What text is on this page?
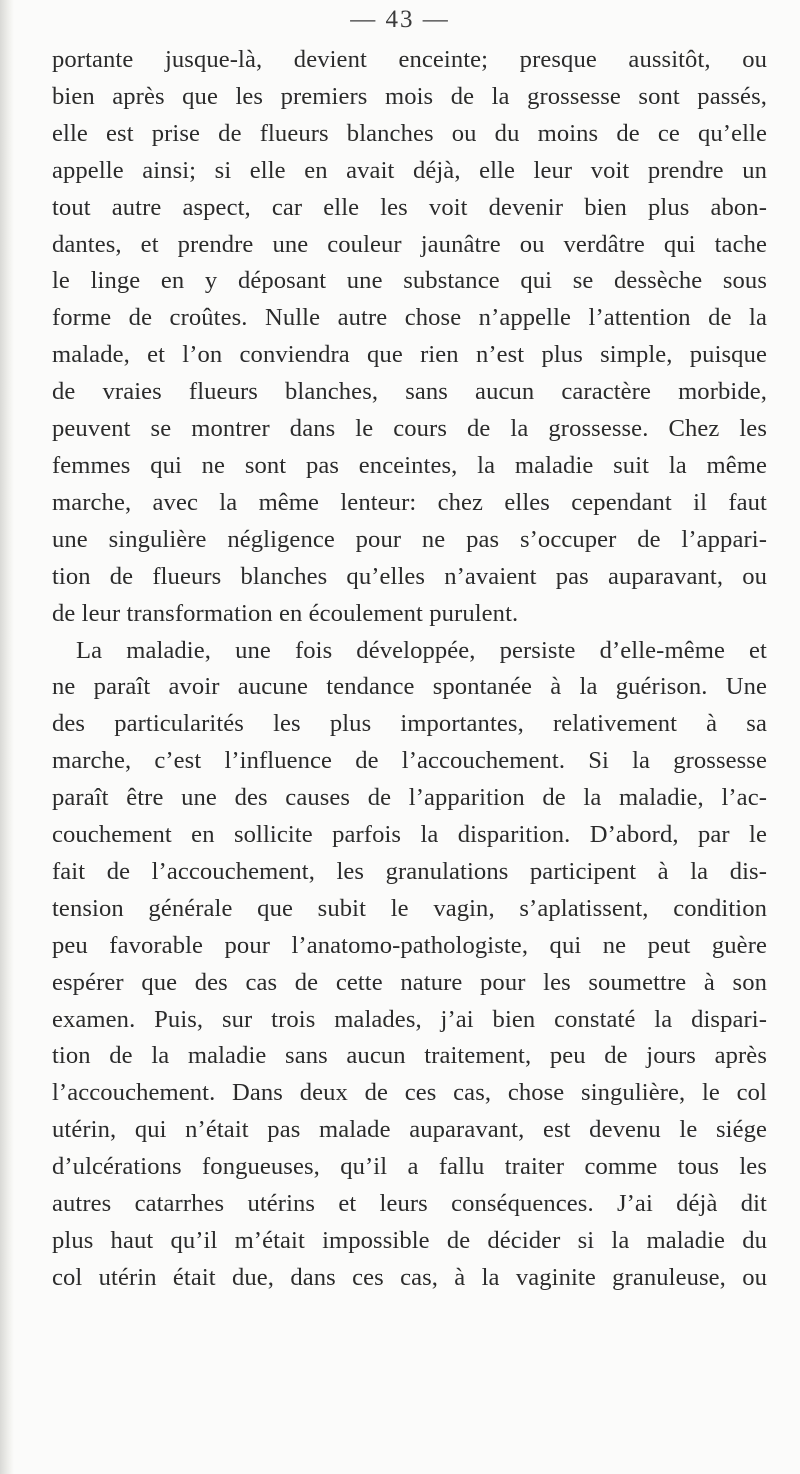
— 43 —
portante jusque-là, devient enceinte; presque aussitôt, ou
bien après que les premiers mois de la grossesse sont passés,
elle est prise de flueurs blanches ou du moins de ce qu’elle
appelle ainsi; si elle en avait déjà, elle leur voit prendre un
tout autre aspect, car elle les voit devenir bien plus abon-
dantes, et prendre une couleur jaunâtre ou verdâtre qui tache
le linge en y déposant une substance qui se dessèche sous
forme de croûtes. Nulle autre chose n’appelle l’attention de la
malade, et l’on conviendra que rien n’est plus simple, puisque
de vraies flueurs blanches, sans aucun caractère morbide,
peuvent se montrer dans le cours de la grossesse. Chez les
femmes qui ne sont pas enceintes, la maladie suit la même
marche, avec la même lenteur: chez elles cependant il faut
une singulière négligence pour ne pas s’occuper de l’appari-
tion de flueurs blanches qu’elles n’avaient pas auparavant, ou
de leur transformation en écoulement purulent.
La maladie, une fois développée, persiste d’elle-même et
ne paraît avoir aucune tendance spontanée à la guérison. Une
des particularités les plus importantes, relativement à sa
marche, c’est l’influence de l’accouchement. Si la grossesse
paraît être une des causes de l’apparition de la maladie, l’ac-
couchement en sollicite parfois la disparition. D’abord, par le
fait de l’accouchement, les granulations participent à la dis-
tension générale que subit le vagin, s’aplatissent, condition
peu favorable pour l’anatomo-pathologiste, qui ne peut guère
espérer que des cas de cette nature pour les soumettre à son
examen. Puis, sur trois malades, j’ai bien constaté la dispari-
tion de la maladie sans aucun traitement, peu de jours après
l’accouchement. Dans deux de ces cas, chose singulière, le col
utérin, qui n’était pas malade auparavant, est devenu le siége
d’ulcérations fongueuses, qu’il a fallu traiter comme tous les
autres catarrhes utérins et leurs conséquences. J’ai déjà dit
plus haut qu’il m’était impossible de décider si la maladie du
col utérin était due, dans ces cas, à la vaginite granuleuse, ou
